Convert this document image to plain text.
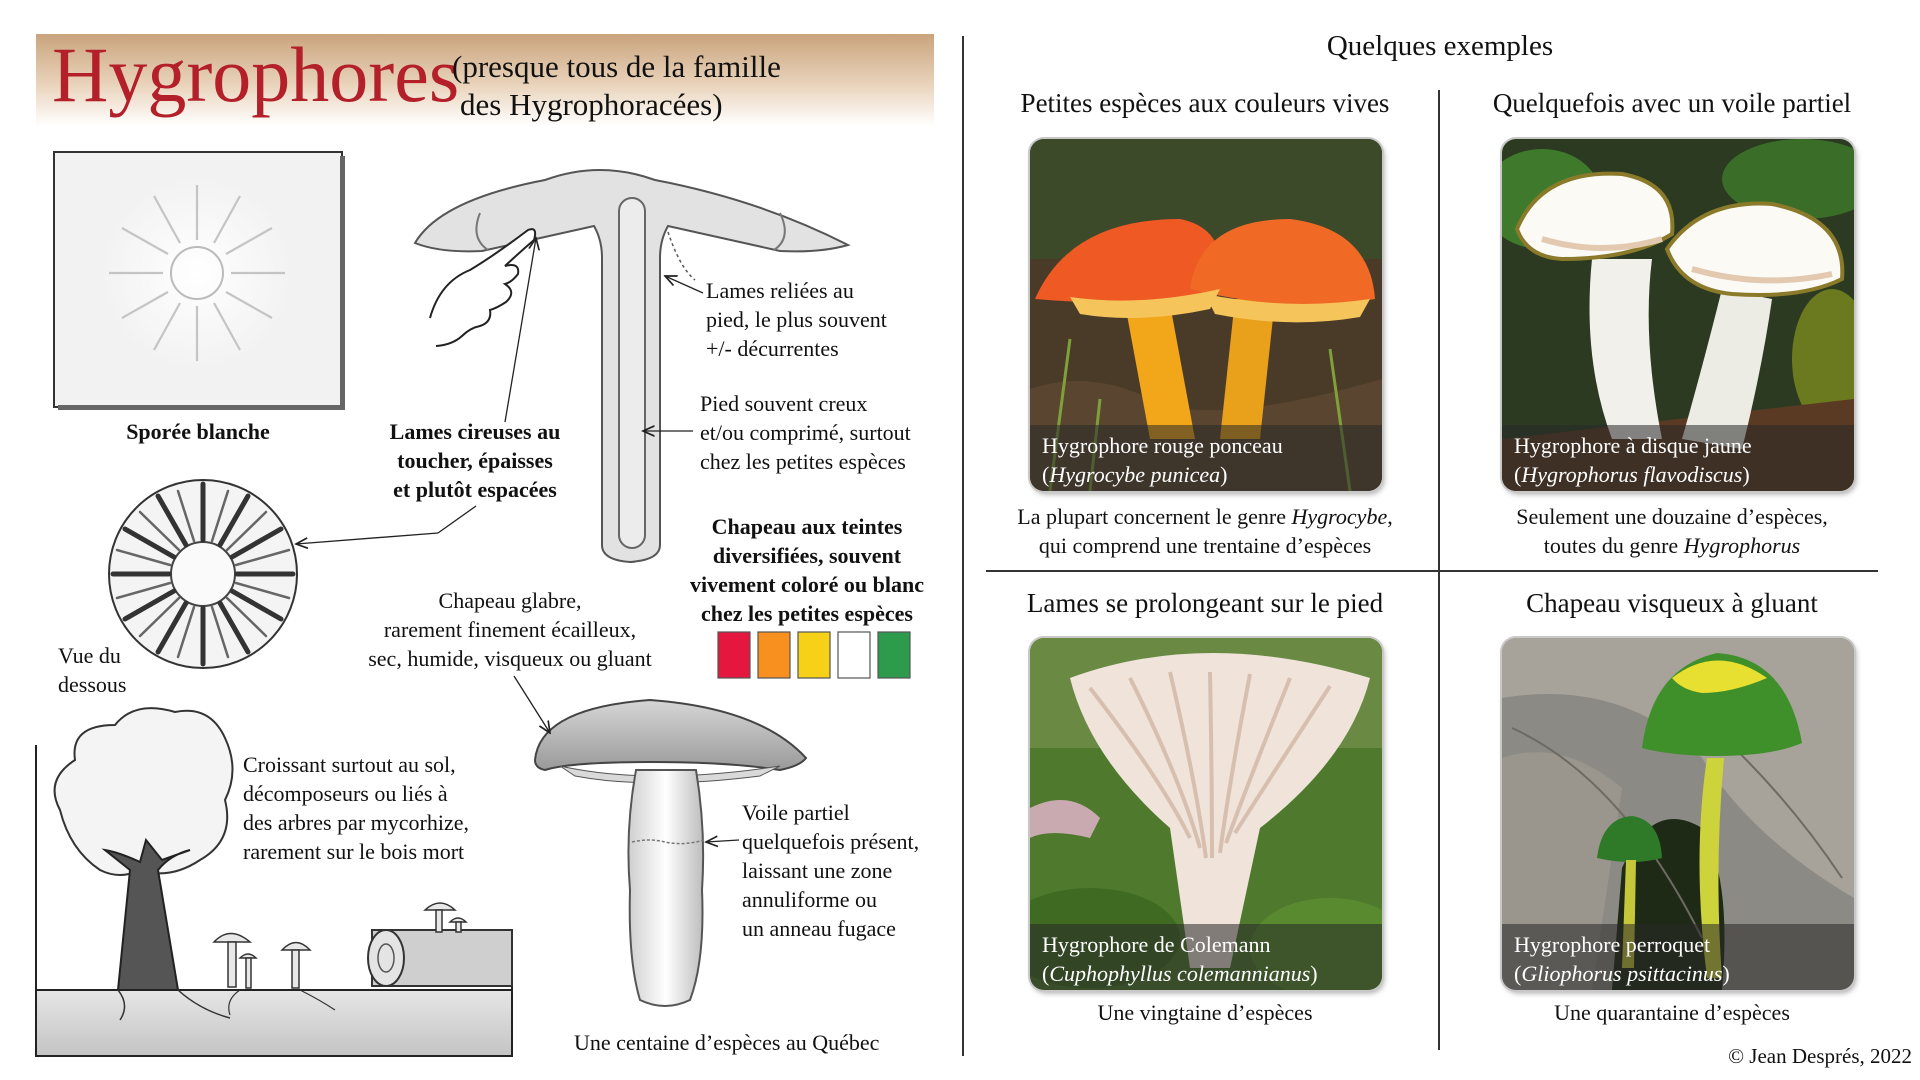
Hygrophores
(presque tous de la famille
des Hygrophoracées)
Sporée blanche	Lames cireuses au
toucher, épaisses
et plutôt espacées
Lames reliées au
pied, le plus souvent
+/- décurrentes
Pied souvent creux
et/ou comprimé, surtout
chez les petites espèces
Vue du
dessous
Chapeau aux teintes
diversifiées, souvent
vivement coloré ou blanc
chez les petites espèces
Chapeau glabre,
rarement finement écailleux,
sec, humide, visqueux ou gluant
Croissant surtout au sol,
décomposeurs ou liés à
des arbres par mycorhize,
rarement sur le bois mort
Voile partiel
quelquefois présent,
laissant une zone
annuliforme ou
un anneau fugace
Une centaine d’espèces au Québec
Quelques exemples
Petites espèces aux couleurs vives
Hygrophore rouge ponceau
(Hygrocybe punicea)
La plupart concernent le genre Hygrocybe,
qui comprend une trentaine d’espèces
Quelquefois avec un voile partiel
Hygrophore à disque jaune
(Hygrophorus flavodiscus)
Seulement une douzaine d’espèces,
toutes du genre Hygrophorus
Lames se prolongeant sur le pied
Hygrophore de Colemann
(Cuphophyllus colemannianus)
Une vingtaine d’espèces
Chapeau visqueux à gluant
Hygrophore perroquet
(Gliophorus psittacinus)
Une quarantaine d’espèces
© Jean Després, 2022
